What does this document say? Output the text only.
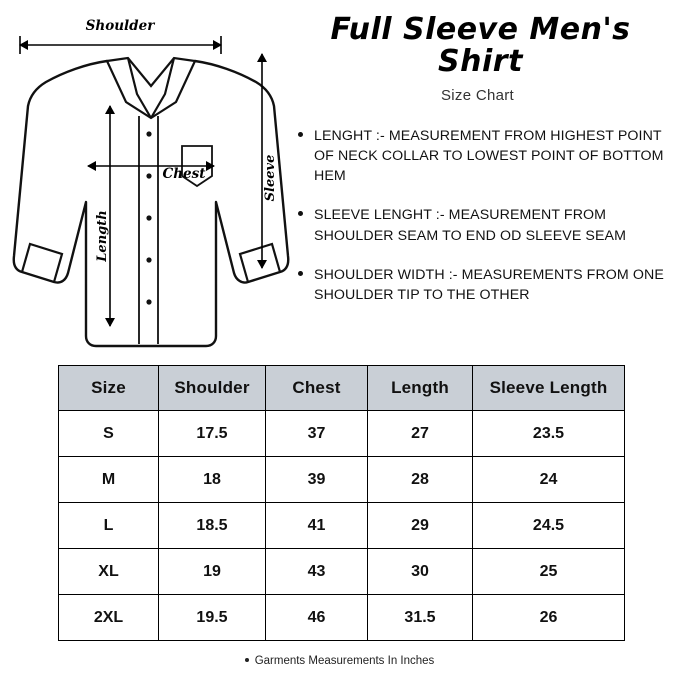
Shoulder
Chest
Length
Sleeve
Full Sleeve Men's Shirt
Size Chart
LENGHT :- MEASUREMENT FROM HIGHEST POINT OF NECK COLLAR TO LOWEST POINT OF BOTTOM HEM
SLEEVE LENGHT :- MEASUREMENT FROM SHOULDER SEAM TO END OD SLEEVE SEAM
SHOULDER WIDTH :- MEASUREMENTS FROM ONE SHOULDER TIP TO THE OTHER
Size	Shoulder	Chest	Length	Sleeve Length
S	17.5	37	27	23.5
M	18	39	28	24
L	18.5	41	29	24.5
XL	19	43	30	25
2XL	19.5	46	31.5	26
Garments Measurements In Inches
